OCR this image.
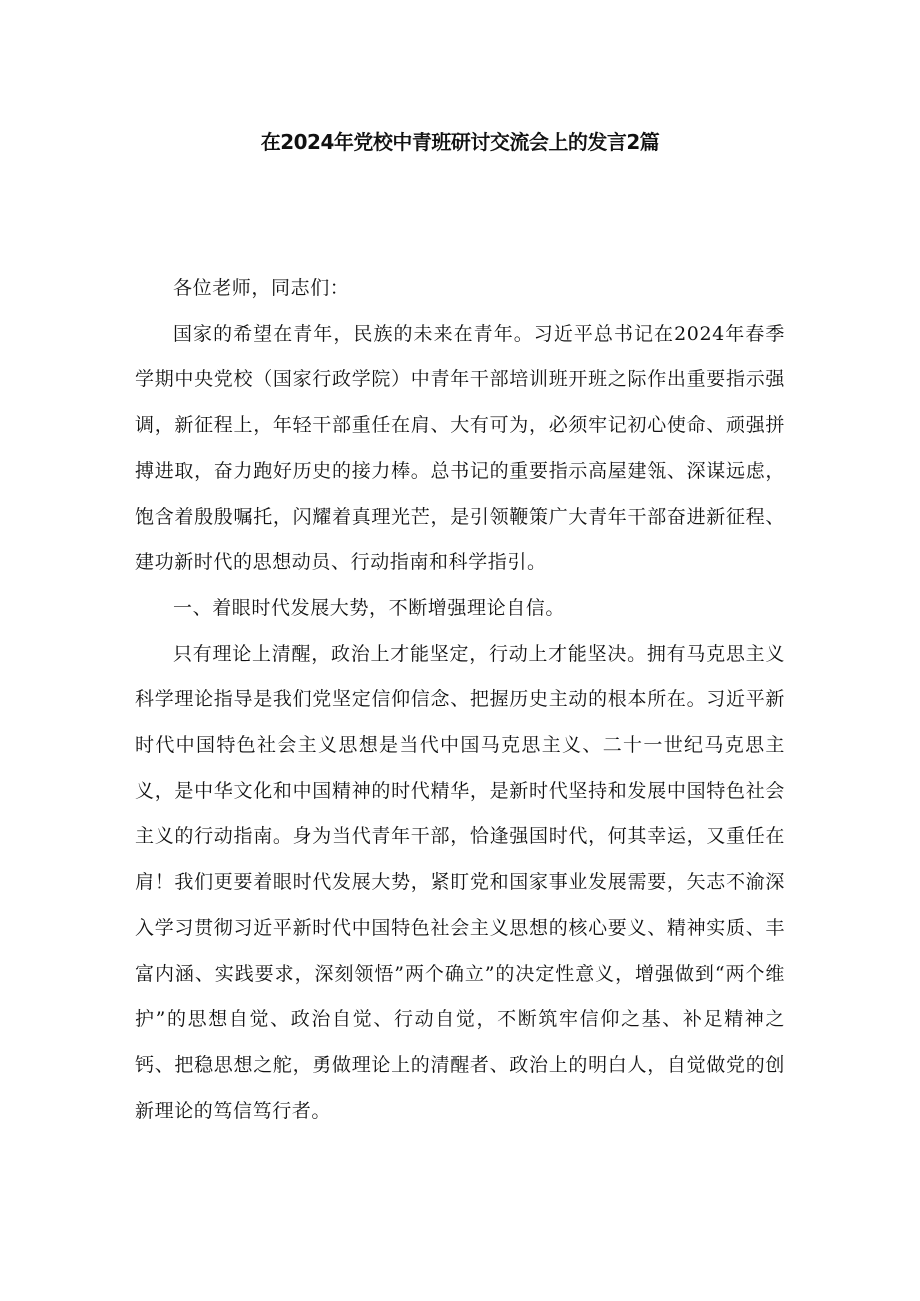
在2024年党校中青班研讨交流会上的发言2篇

各位老师，同志们：

国家的希望在青年，民族的未来在青年。习近平总书记在2024年春季学期中央党校（国家行政学院）中青年干部培训班开班之际作出重要指示强调，新征程上，年轻干部重任在肩、大有可为，必须牢记初心使命、顽强拼搏进取，奋力跑好历史的接力棒。总书记的重要指示高屋建瓴、深谋远虑，饱含着殷殷嘱托，闪耀着真理光芒，是引领鞭策广大青年干部奋进新征程、建功新时代的思想动员、行动指南和科学指引。

一、着眼时代发展大势，不断增强理论自信。

只有理论上清醒，政治上才能坚定，行动上才能坚决。拥有马克思主义科学理论指导是我们党坚定信仰信念、把握历史主动的根本所在。习近平新时代中国特色社会主义思想是当代中国马克思主义、二十一世纪马克思主义，是中华文化和中国精神的时代精华，是新时代坚持和发展中国特色社会主义的行动指南。身为当代青年干部，恰逢强国时代，何其幸运，又重任在肩！我们更要着眼时代发展大势，紧盯党和国家事业发展需要，矢志不渝深入学习贯彻习近平新时代中国特色社会主义思想的核心要义、精神实质、丰富内涵、实践要求，深刻领悟”两个确立”的决定性意义，增强做到“两个维护”的思想自觉、政治自觉、行动自觉，不断筑牢信仰之基、补足精神之钙、把稳思想之舵，勇做理论上的清醒者、政治上的明白人，自觉做党的创新理论的笃信笃行者。
